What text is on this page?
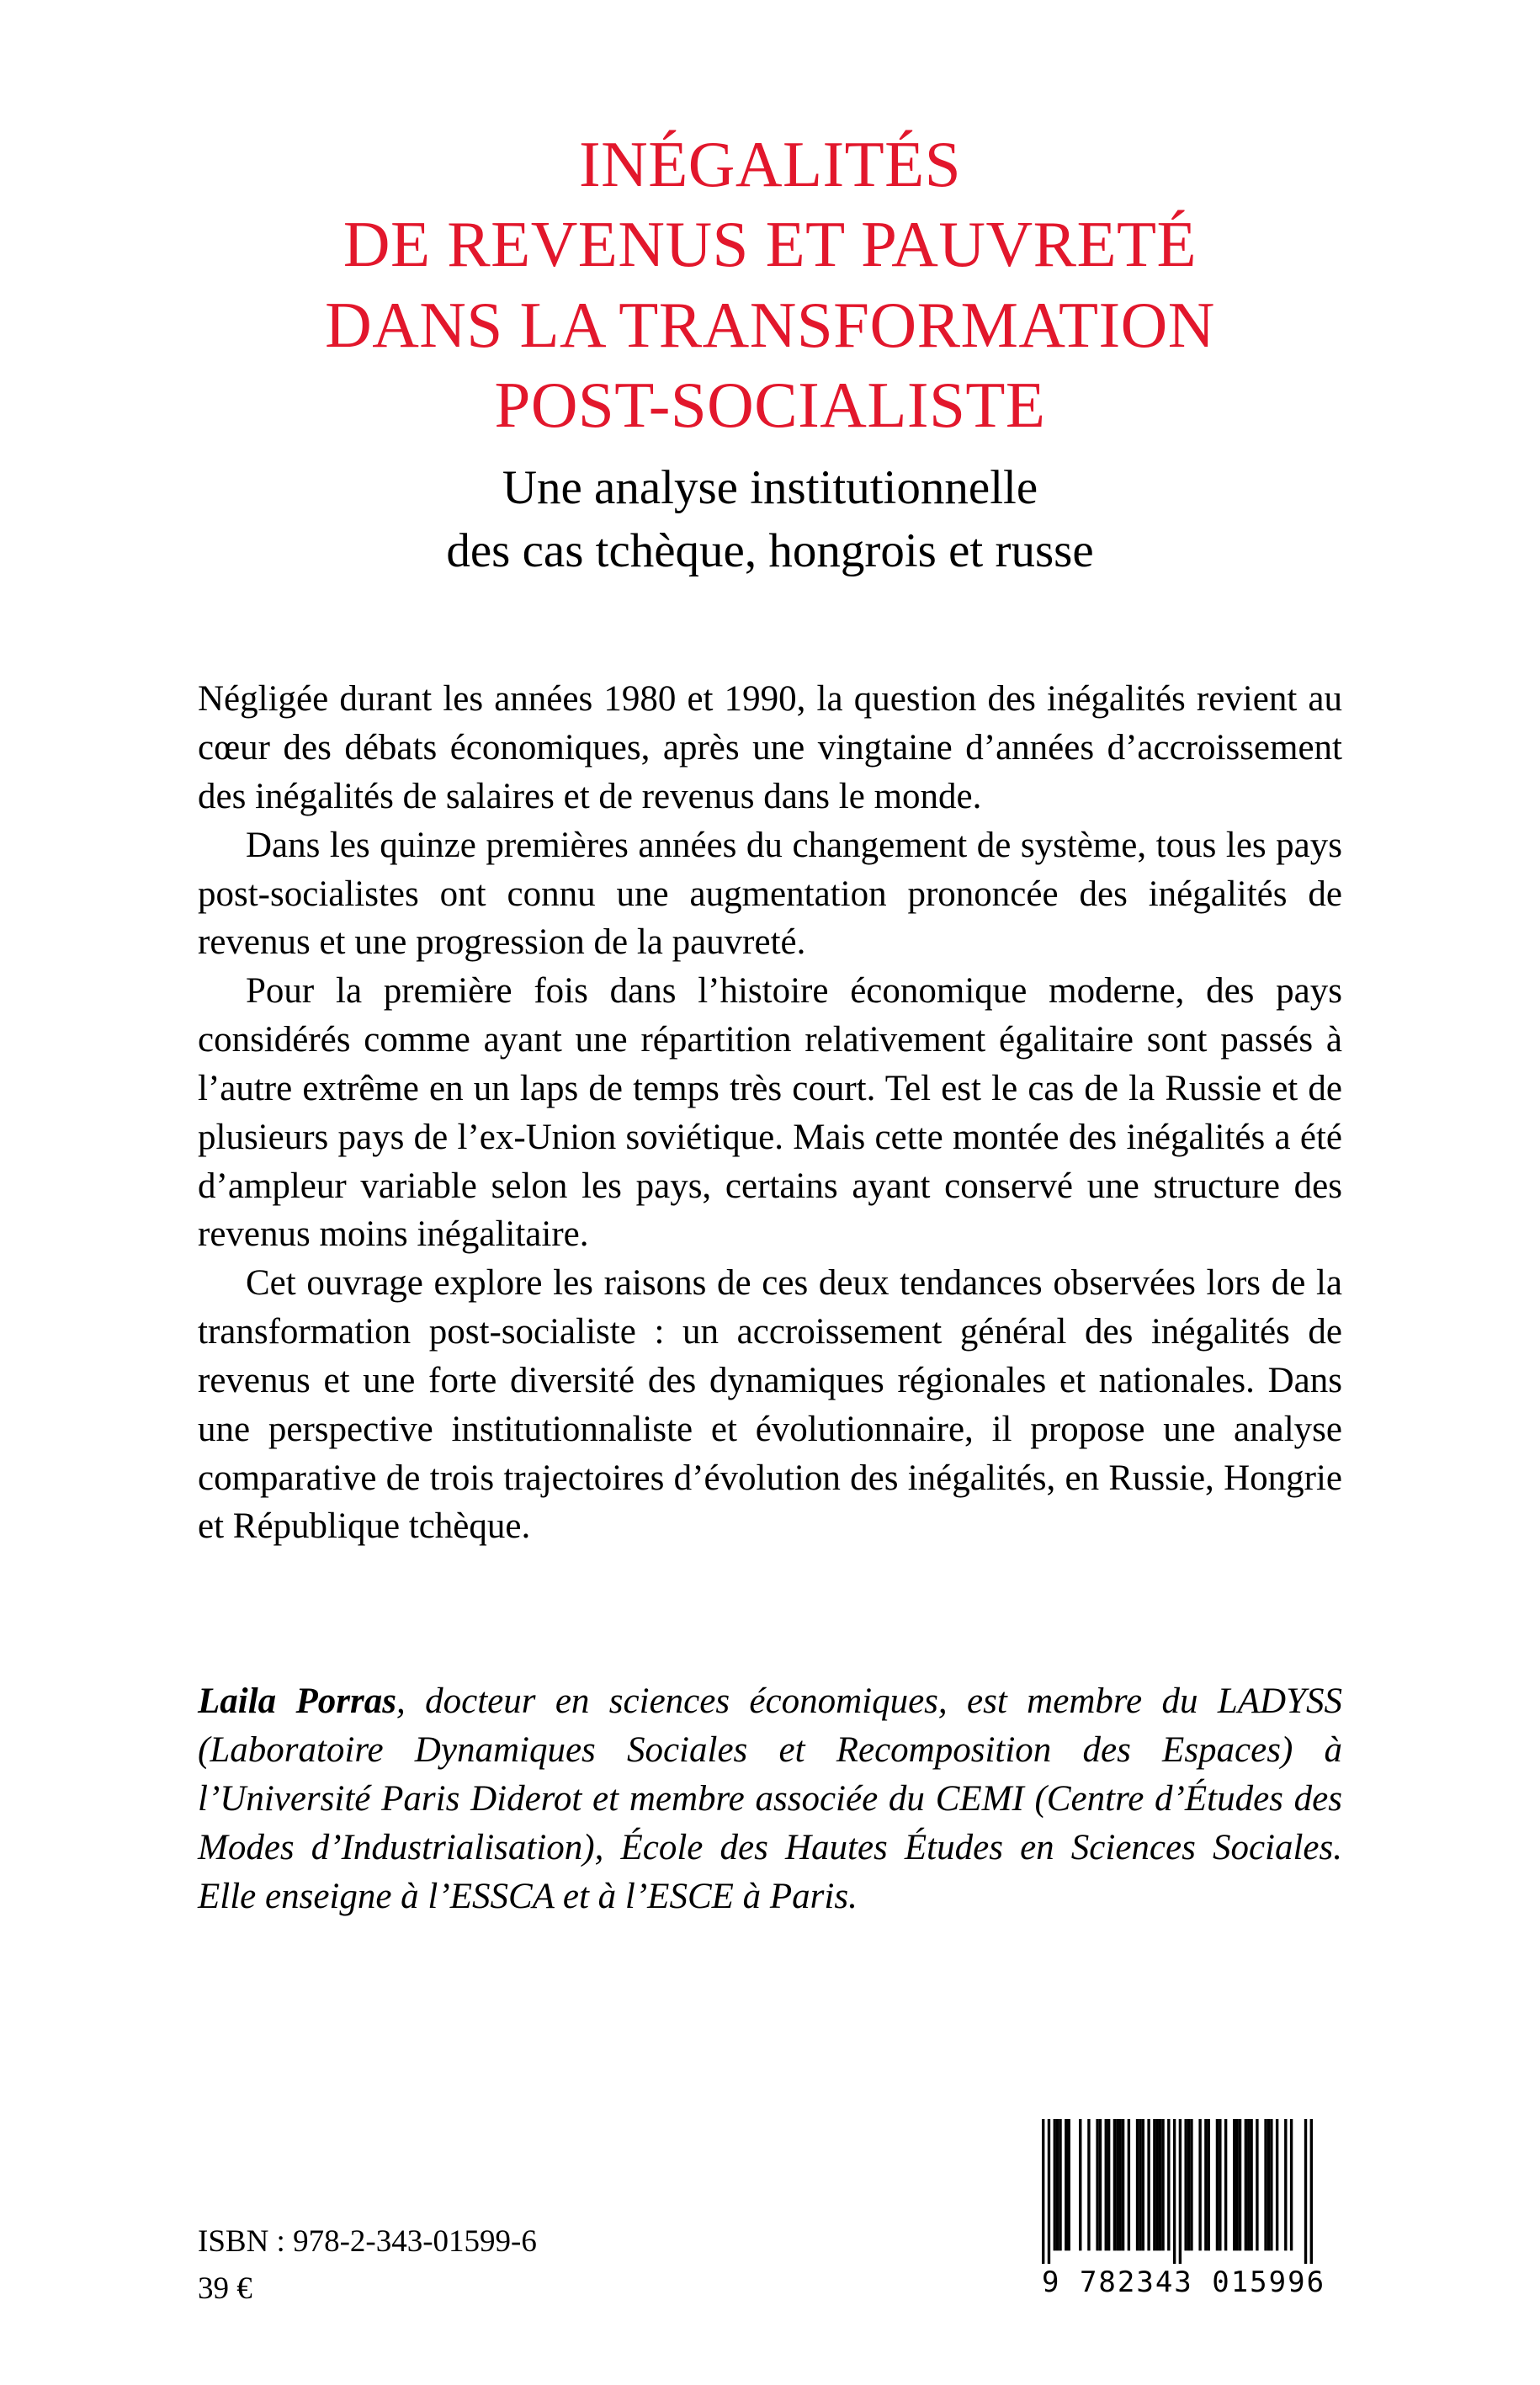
INÉGALITÉS
DE REVENUS ET PAUVRETÉ
DANS LA TRANSFORMATION
POST-SOCIALISTE
Une analyse institutionnelle
des cas tchèque, hongrois et russe

Négligée durant les années 1980 et 1990, la question des inégalités revient au cœur des débats économiques, après une vingtaine d’années d’accroissement des inégalités de salaires et de revenus dans le monde.

Dans les quinze premières années du changement de système, tous les pays post-socialistes ont connu une augmentation prononcée des inégalités de revenus et une progression de la pauvreté.

Pour la première fois dans l’histoire économique moderne, des pays considérés comme ayant une répartition relativement égalitaire sont passés à l’autre extrême en un laps de temps très court. Tel est le cas de la Russie et de plusieurs pays de l’ex-Union soviétique. Mais cette montée des inégalités a été d’ampleur variable selon les pays, certains ayant conservé une structure des revenus moins inégalitaire.

Cet ouvrage explore les raisons de ces deux tendances observées lors de la transformation post-socialiste : un accroissement général des inégalités de revenus et une forte diversité des dynamiques régionales et nationales. Dans une perspective institutionnaliste et évolutionnaire, il propose une analyse comparative de trois trajectoires d’évolution des inégalités, en Russie, Hongrie et République tchèque.

Laila Porras, docteur en sciences économiques, est membre du LADYSS (Laboratoire Dynamiques Sociales et Recomposition des Espaces) à l’Université Paris Diderot et membre associée du CEMI (Centre d’Études des Modes d’Industrialisation), École des Hautes Études en Sciences Sociales. Elle enseigne à l’ESSCA et à l’ESCE à Paris.

ISBN : 978-2-343-01599-6
39 €	9 782343 015996
